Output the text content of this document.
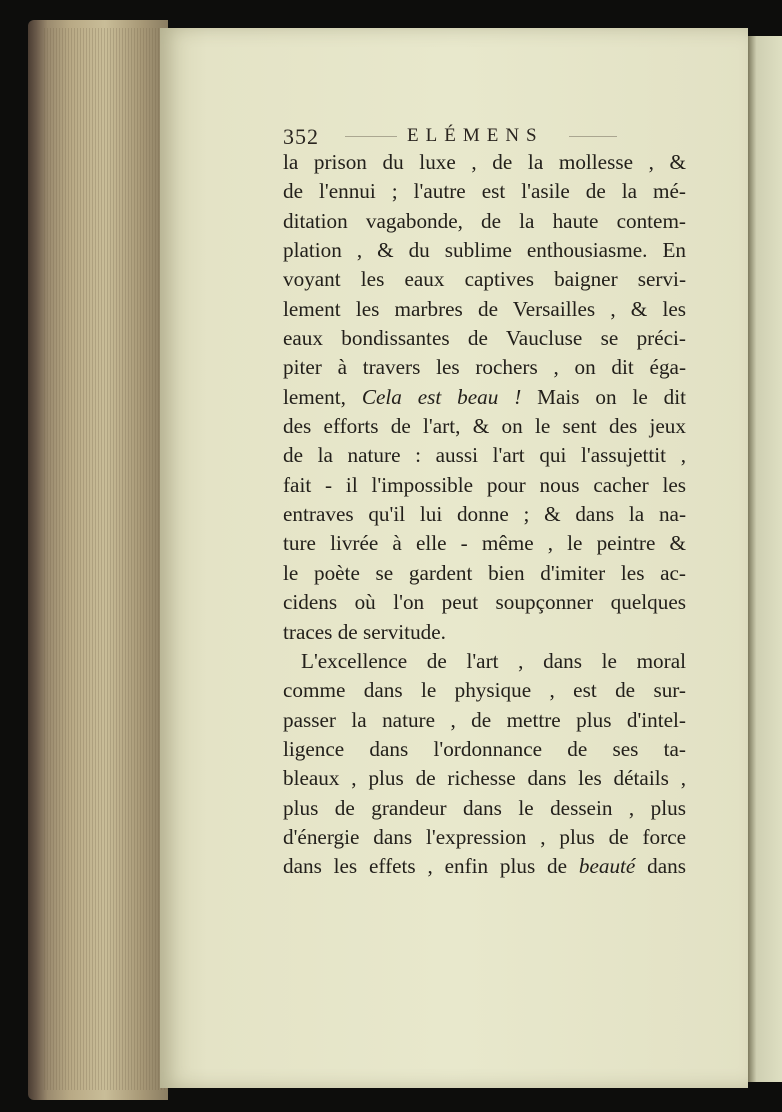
352	ELÉMENS
la prison du luxe , de la mollesse , &
de l'ennui ; l'autre est l'asile de la mé-
ditation vagabonde, de la haute contem-
plation , & du sublime enthousiasme. En
voyant les eaux captives baigner servi-
lement les marbres de Versailles , & les
eaux bondissantes de Vaucluse se préci-
piter à travers les rochers , on dit éga-
lement, Cela est beau ! Mais on le dit
des efforts de l'art, & on le sent des jeux
de la nature : aussi l'art qui l'assujettit ,
fait - il l'impossible pour nous cacher les
entraves qu'il lui donne ; & dans la na-
ture livrée à elle - même , le peintre &
le poète se gardent bien d'imiter les ac-
cidens où l'on peut soupçonner quelques
traces de servitude.
L'excellence de l'art , dans le moral
comme dans le physique , est de sur-
passer la nature , de mettre plus d'intel-
ligence dans l'ordonnance de ses ta-
bleaux , plus de richesse dans les détails ,
plus de grandeur dans le dessein , plus
d'énergie dans l'expression , plus de force
dans les effets , enfin plus de beauté dans
